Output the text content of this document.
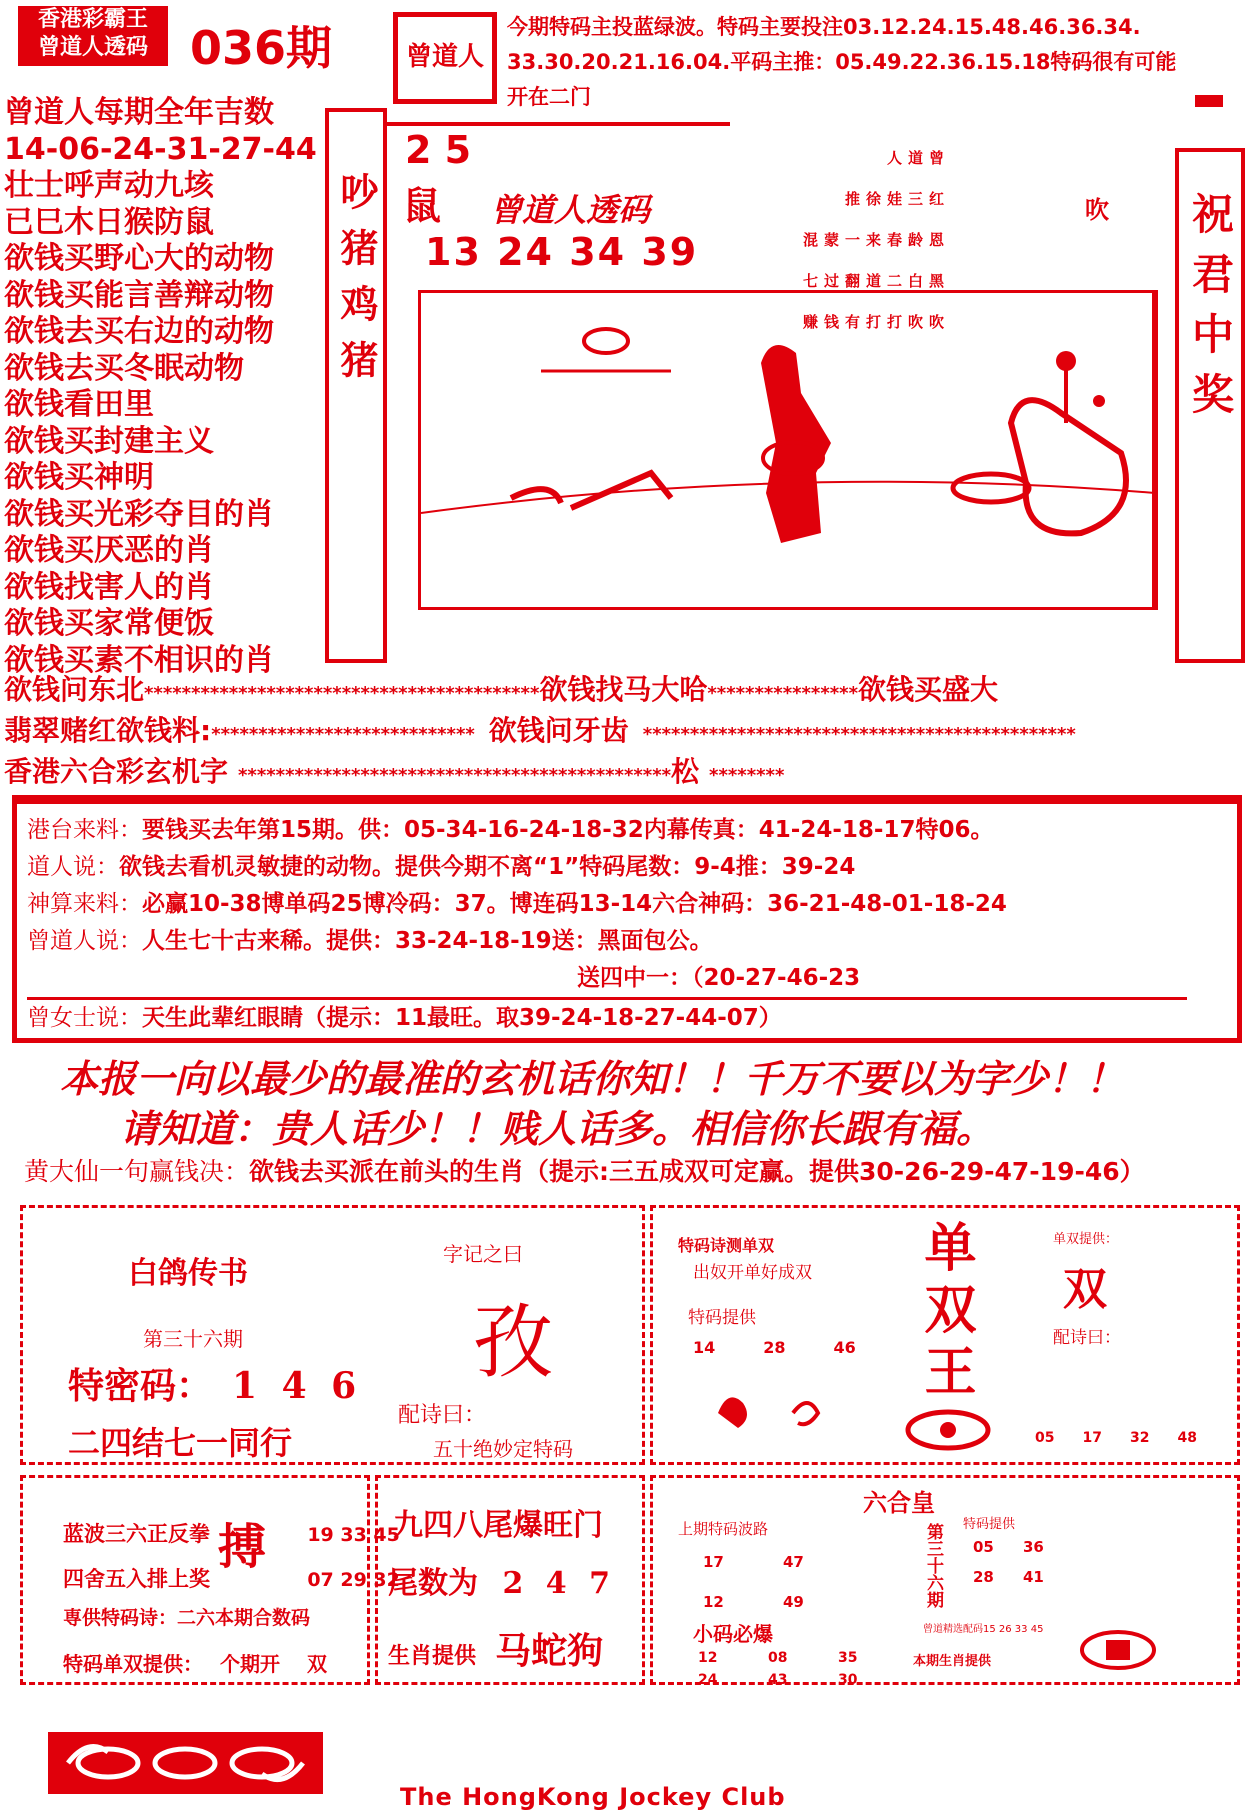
香港彩霸王
曾道人透码 036期	曾道人
今期特码主投蓝绿波。特码主要投注03.12.24.15.48.46.36.34.
33.30.20.21.16.04.平码主推：05.49.22.36.15.18特码很有可能
开在二门
曾道人每期全年吉数
14-06-24-31-27-44
壮士呼声动九垓
已巳木日猴防鼠
欲钱买野心大的动物
欲钱买能言善辩动物
欲钱去买右边的动物
欲钱去买冬眠动物
欲钱看田里
欲钱买封建主义
欲钱买神明
欲钱买光彩夺目的肖
欲钱买厌恶的肖
欲钱找害人的肖
欲钱买家常便饭
欲钱买素不相识的肖
吵猪鸡猪	祝君中奖
2 5
鼠 曾道人透码
13 24 34 39
曾道人
红三娃徐推
恩龄春来一蒙混
黑白二道翻过七
吹吹打打有钱赚
吹
欲钱问东北******************************************欲钱找马大哈****************欲钱买盛大
翡翠赌红欲钱料:**************************** 欲钱问牙齿 **********************************************
香港六合彩玄机字 **********************************************松 ********
港台来料：要钱买去年第15期。供：05-34-16-24-18-32内幕传真：41-24-18-17特06。
道人说：欲钱去看机灵敏捷的动物。提供今期不离“1”特码尾数：9-4推：39-24
神算来料：必赢10-38博单码25博冷码：37。博连码13-14六合神码：36-21-48-01-18-24
曾道人说：人生七十古来稀。提供：33-24-18-19送：黑面包公。
送四中一：（20-27-46-23
曾女士说：天生此辈红眼睛（提示：11最旺。取39-24-18-27-44-07）
本报一向以最少的最准的玄机话你知！！千万不要以为字少！！
请知道：贵人话少！！贱人话多。相信你长跟有福。
黄大仙一句赢钱决：欲钱去买派在前头的生肖（提示:三五成双可定赢。提供30-26-29-47-19-46）
白鸽传书
第三十六期
特密码： 1 4 6
二四结七一同行
字记之曰
孜
配诗曰：
五十绝妙定特码
特码诗测单双
出奴开单好成双
特码提供
14	28	46
单
双
王
单双提供：
双
配诗曰：
05 17 32 48
蓝波三六正反拳	19 33 45
四舍五入排上奖	07 29 32
搏
専供特码诗：二六本期合数码
特码单双提供： 个期开 双
九四八尾爆旺门
尾数为 2 4 7
生肖提供 马蛇狗
六合皇
上期特码波路
17	47
12	49
小码必爆
12	08	35
24	43	30
第三十六期 特码提供
05	36
28	41
曾道精选配码15 26 33 45
本期生肖提供
The HongKong Jockey Club
